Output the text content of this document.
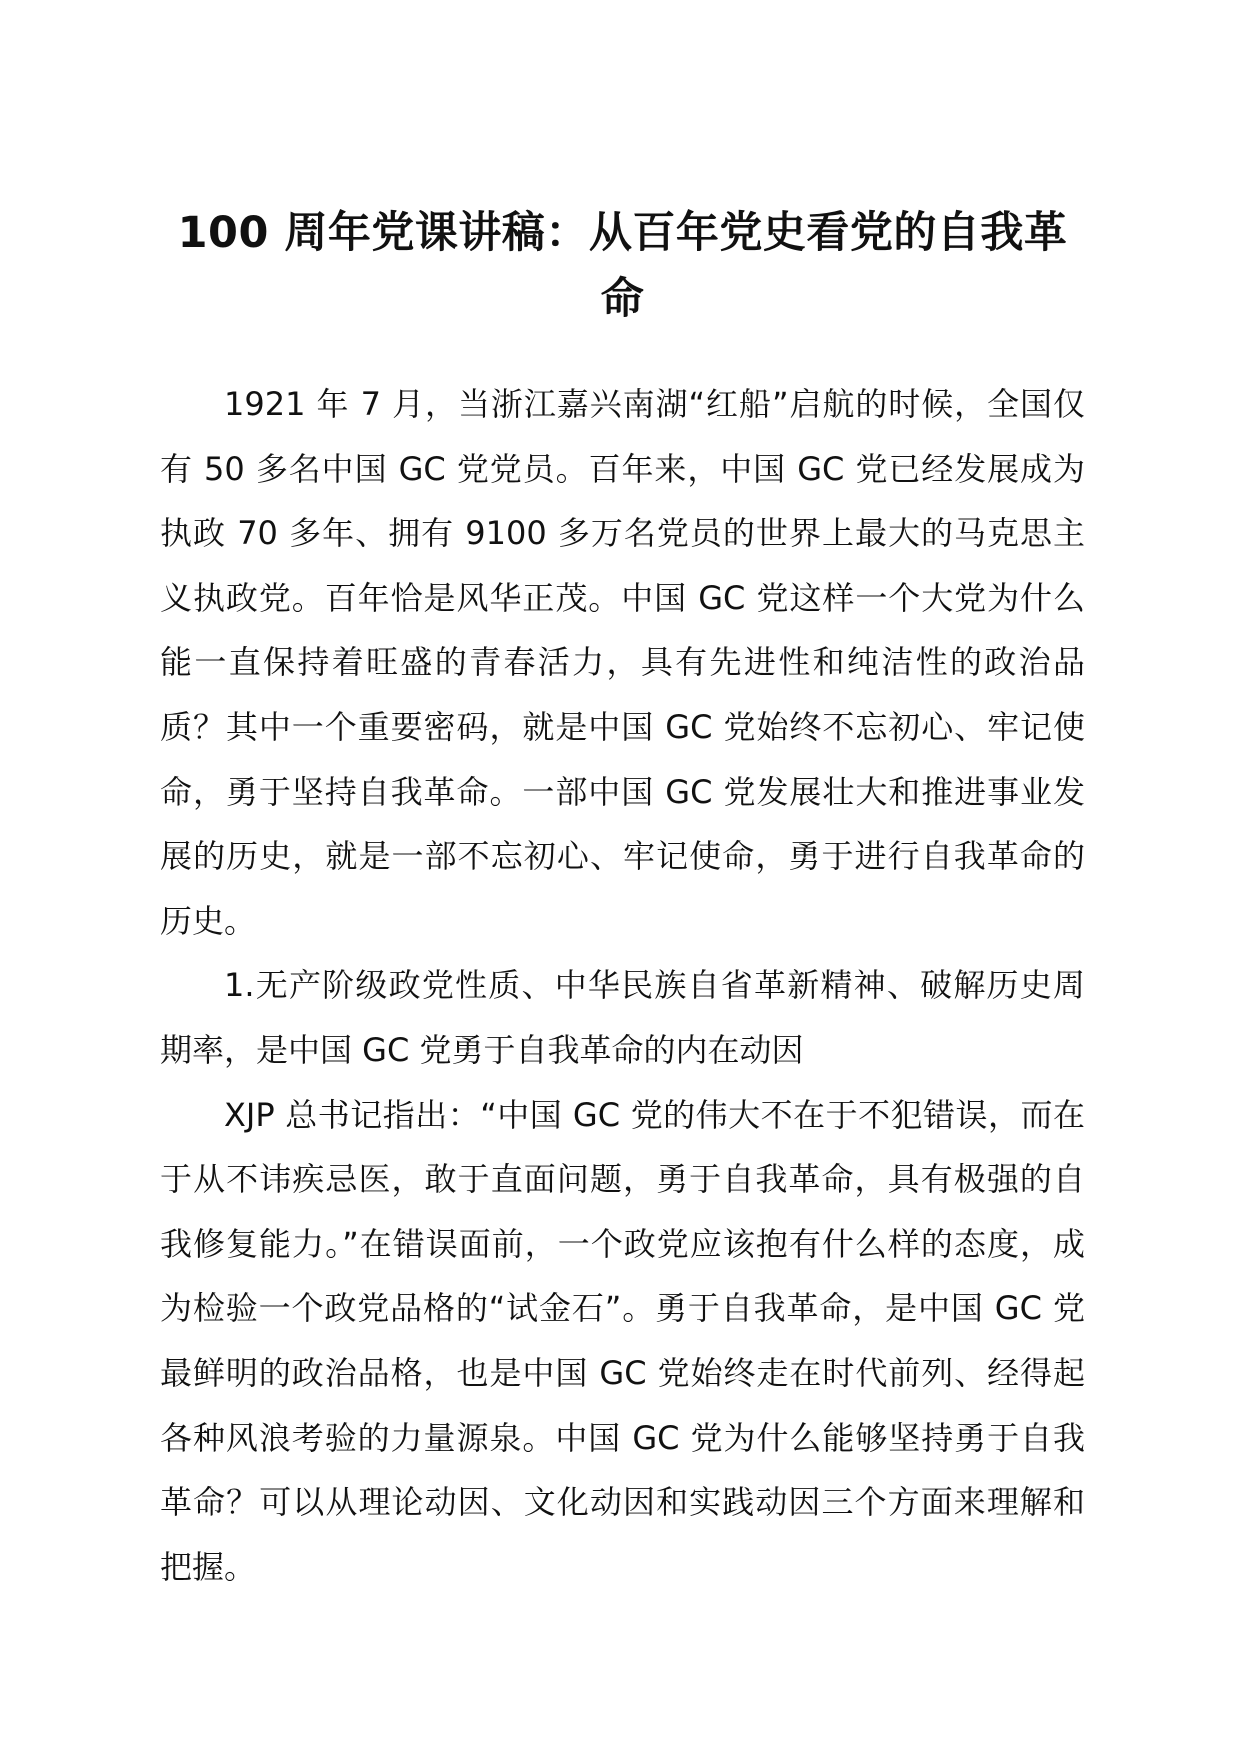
100 周年党课讲稿：从百年党史看党的自我革命

1921 年 7 月，当浙江嘉兴南湖“红船”启航的时候，全国仅有 50 多名中国 GC 党党员。百年来，中国 GC 党已经发展成为执政 70 多年、拥有 9100 多万名党员的世界上最大的马克思主义执政党。百年恰是风华正茂。中国 GC 党这样一个大党为什么能一直保持着旺盛的青春活力，具有先进性和纯洁性的政治品质？其中一个重要密码，就是中国 GC 党始终不忘初心、牢记使命，勇于坚持自我革命。一部中国 GC 党发展壮大和推进事业发展的历史，就是一部不忘初心、牢记使命，勇于进行自我革命的历史。

1.无产阶级政党性质、中华民族自省革新精神、破解历史周期率，是中国 GC 党勇于自我革命的内在动因

XJP 总书记指出：“中国 GC 党的伟大不在于不犯错误，而在于从不讳疾忌医，敢于直面问题，勇于自我革命，具有极强的自我修复能力。”在错误面前，一个政党应该抱有什么样的态度，成为检验一个政党品格的“试金石”。勇于自我革命，是中国 GC 党最鲜明的政治品格，也是中国 GC 党始终走在时代前列、经得起各种风浪考验的力量源泉。中国 GC 党为什么能够坚持勇于自我革命？可以从理论动因、文化动因和实践动因三个方面来理解和把握。
